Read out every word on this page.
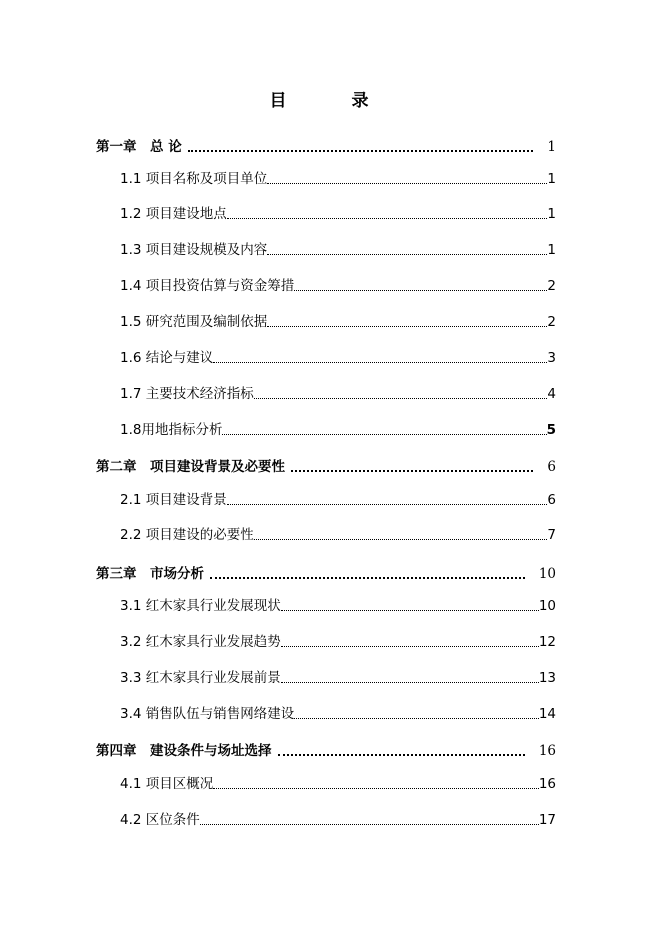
目　录
第一章　总 论	1
1.1 项目名称及项目单位	1
1.2 项目建设地点	1
1.3 项目建设规模及内容	1
1.4 项目投资估算与资金筹措	2
1.5 研究范围及编制依据	2
1.6 结论与建议	3
1.7 主要技术经济指标	4
1.8用地指标分析	5
第二章　项目建设背景及必要性	6
2.1 项目建设背景	6
2.2 项目建设的必要性	7
第三章　市场分析	10
3.1 红木家具行业发展现状	10
3.2 红木家具行业发展趋势	12
3.3 红木家具行业发展前景	13
3.4 销售队伍与销售网络建设	14
第四章　建设条件与场址选择	16
4.1 项目区概况	16
4.2 区位条件	17
